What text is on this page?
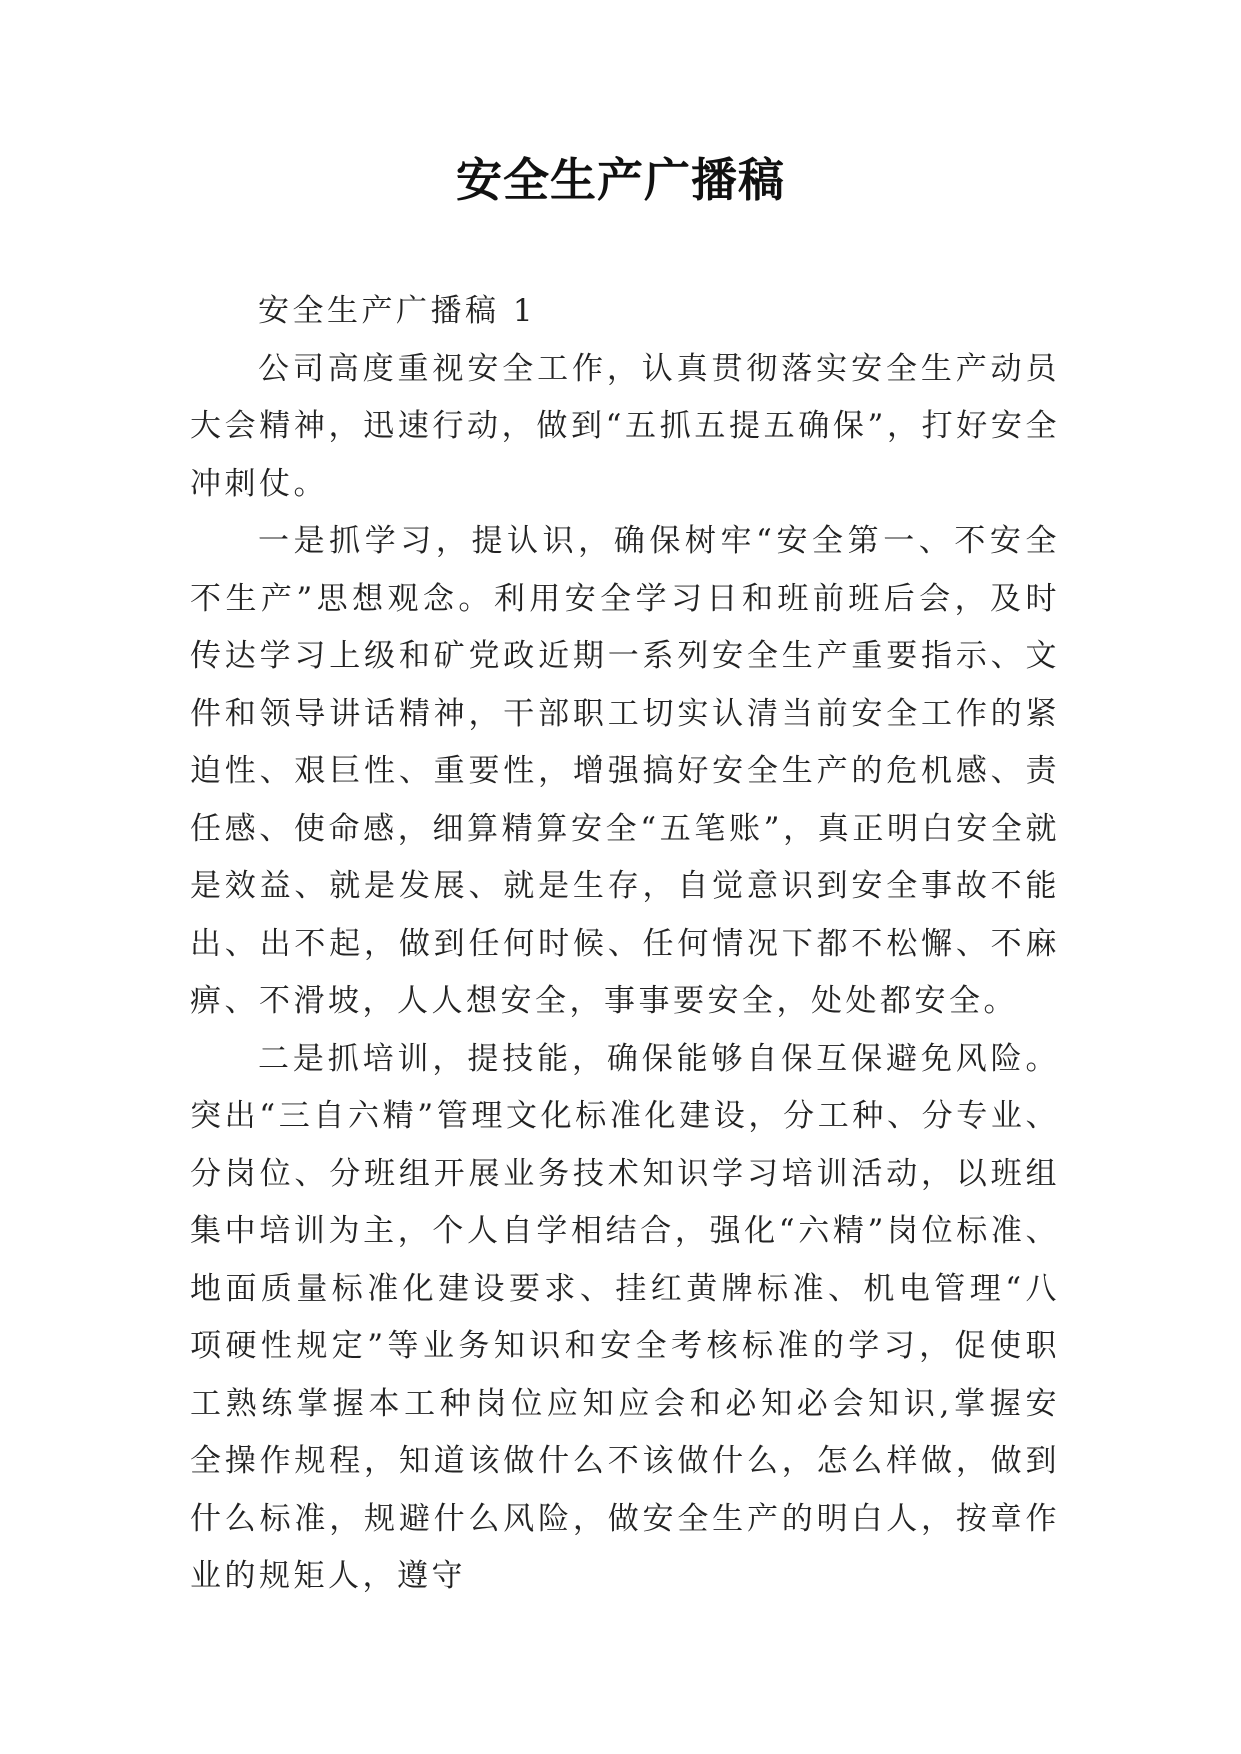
安全生产广播稿

安全生产广播稿 1

公司高度重视安全工作，认真贯彻落实安全生产动员大会精神，迅速行动，做到“五抓五提五确保”，打好安全冲刺仗。

一是抓学习，提认识，确保树牢“安全第一、不安全不生产”思想观念。利用安全学习日和班前班后会，及时传达学习上级和矿党政近期一系列安全生产重要指示、文件和领导讲话精神，干部职工切实认清当前安全工作的紧迫性、艰巨性、重要性，增强搞好安全生产的危机感、责任感、使命感，细算精算安全“五笔账”，真正明白安全就是效益、就是发展、就是生存，自觉意识到安全事故不能出、出不起，做到任何时候、任何情况下都不松懈、不麻痹、不滑坡，人人想安全，事事要安全，处处都安全。

二是抓培训，提技能，确保能够自保互保避免风险。突出“三自六精”管理文化标准化建设，分工种、分专业、分岗位、分班组开展业务技术知识学习培训活动，以班组集中培训为主，个人自学相结合，强化“六精”岗位标准、地面质量标准化建设要求、挂红黄牌标准、机电管理“八项硬性规定”等业务知识和安全考核标准的学习，促使职工熟练掌握本工种岗位应知应会和必知必会知识,掌握安全操作规程，知道该做什么不该做什么，怎么样做，做到什么标准，规避什么风险，做安全生产的明白人，按章作业的规矩人，遵守
